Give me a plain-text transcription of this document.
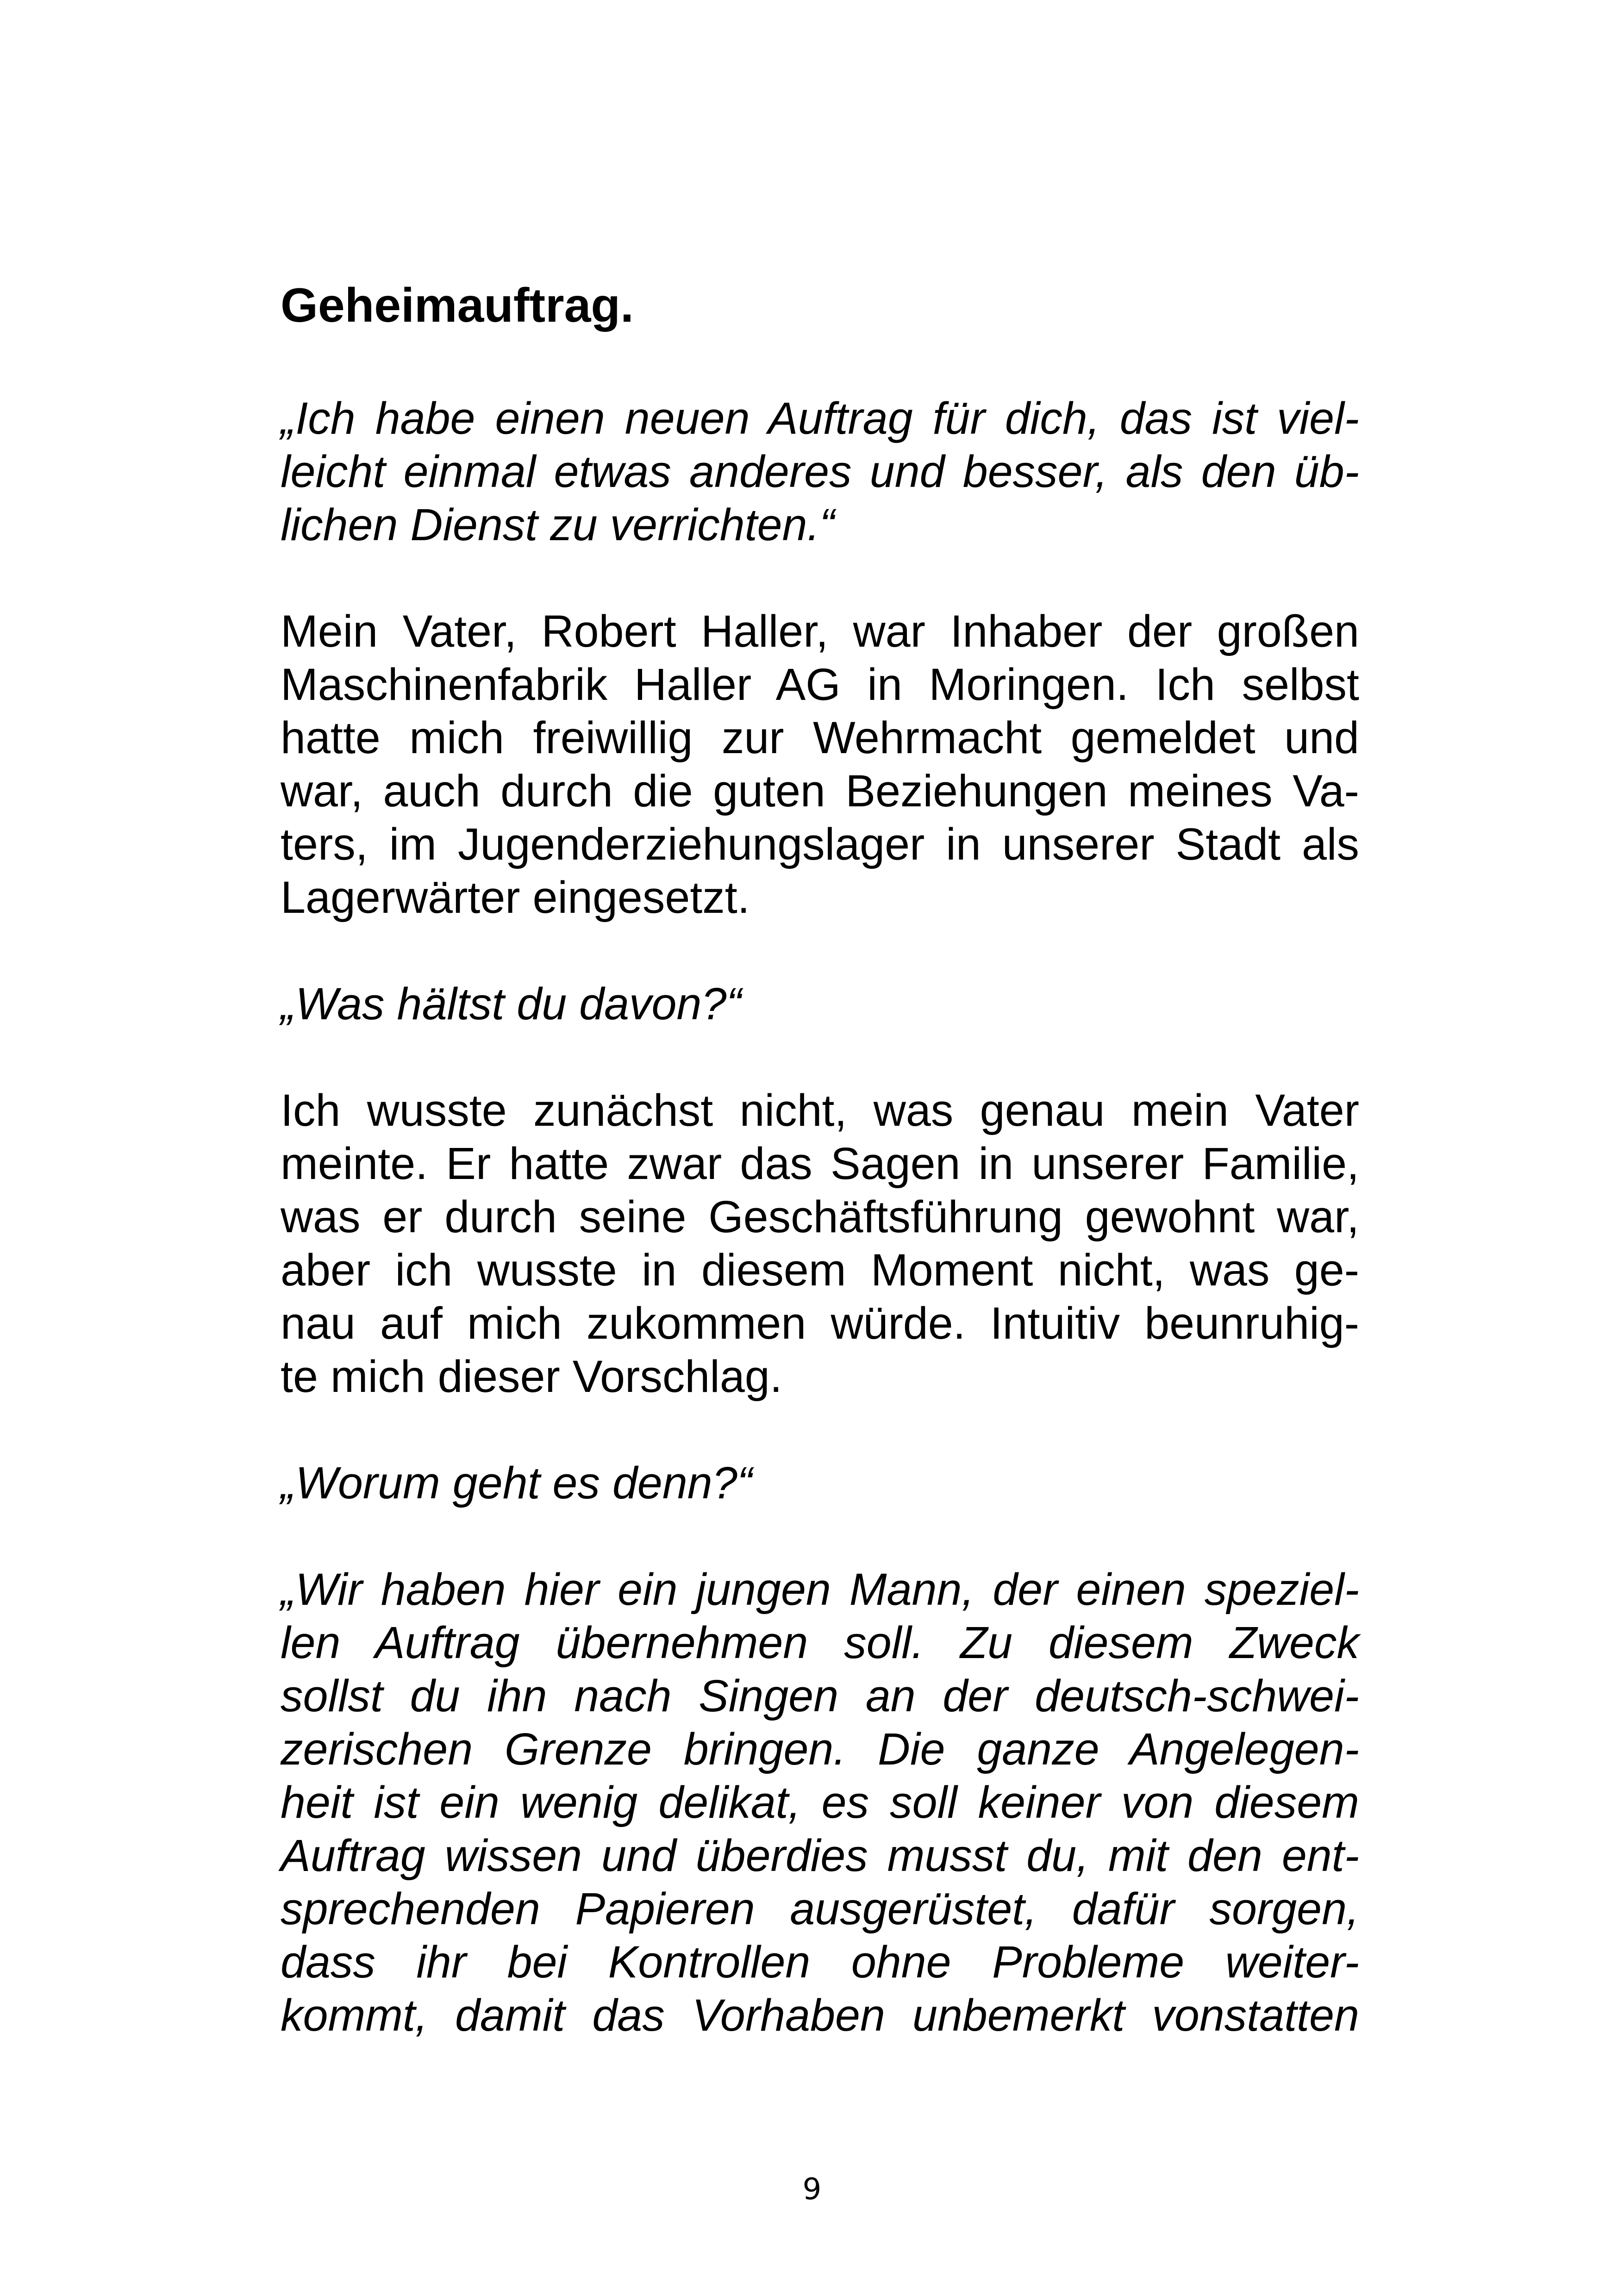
Geheimauftrag.
„Ich habe einen neuen Auftrag für dich, das ist viel-
leicht einmal etwas anderes und besser, als den üb-
lichen Dienst zu verrichten.“
Mein Vater, Robert Haller, war Inhaber der großen
Maschinenfabrik Haller AG in Moringen. Ich selbst
hatte mich freiwillig zur Wehrmacht gemeldet und
war, auch durch die guten Beziehungen meines Va-
ters, im Jugenderziehungslager in unserer Stadt als
Lagerwärter eingesetzt.
„Was hältst du davon?“
Ich wusste zunächst nicht, was genau mein Vater
meinte. Er hatte zwar das Sagen in unserer Familie,
was er durch seine Geschäftsführung gewohnt war,
aber ich wusste in diesem Moment nicht, was ge-
nau auf mich zukommen würde. Intuitiv beunruhig-
te mich dieser Vorschlag.
„Worum geht es denn?“
„Wir haben hier ein jungen Mann, der einen speziel-
len Auftrag übernehmen soll. Zu diesem Zweck
sollst du ihn nach Singen an der deutsch-schwei-
zerischen Grenze bringen. Die ganze Angelegen-
heit ist ein wenig delikat, es soll keiner von diesem
Auftrag wissen und überdies musst du, mit den ent-
sprechenden Papieren ausgerüstet, dafür sorgen,
dass ihr bei Kontrollen ohne Probleme weiter-
kommt, damit das Vorhaben unbemerkt vonstatten
9
